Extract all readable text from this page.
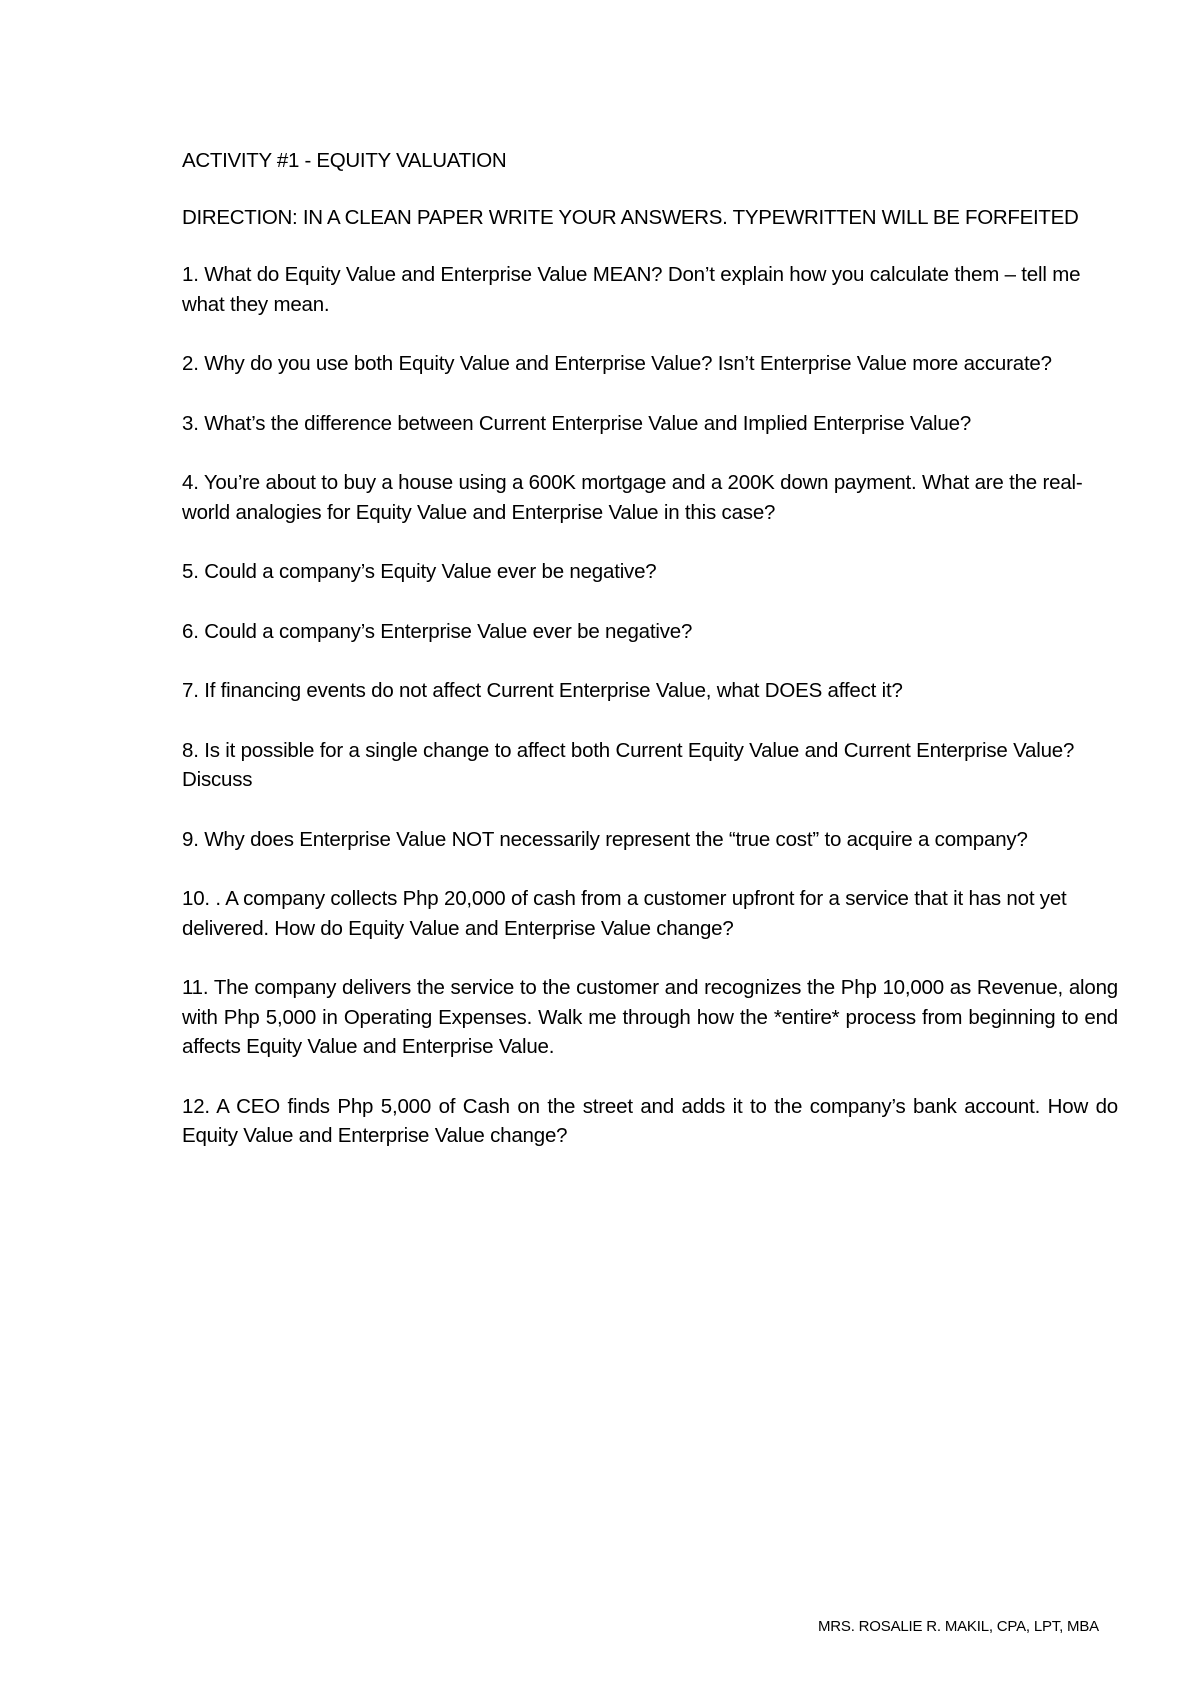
ACTIVITY #1 - EQUITY VALUATION

DIRECTION: IN A CLEAN PAPER WRITE YOUR ANSWERS. TYPEWRITTEN WILL BE FORFEITED

1. What do Equity Value and Enterprise Value MEAN? Don’t explain how you calculate them – tell me what they mean.

2. Why do you use both Equity Value and Enterprise Value? Isn’t Enterprise Value more accurate?

3. What’s the difference between Current Enterprise Value and Implied Enterprise Value?

4. You’re about to buy a house using a 600K mortgage and a 200K down payment. What are the real-world analogies for Equity Value and Enterprise Value in this case?

5. Could a company’s Equity Value ever be negative?

6. Could a company’s Enterprise Value ever be negative?

7. If financing events do not affect Current Enterprise Value, what DOES affect it?

8. Is it possible for a single change to affect both Current Equity Value and Current Enterprise Value? Discuss

9. Why does Enterprise Value NOT necessarily represent the “true cost” to acquire a company?

10. . A company collects Php 20,000 of cash from a customer upfront for a service that it has not yet delivered. How do Equity Value and Enterprise Value change?

11. The company delivers the service to the customer and recognizes the Php 10,000 as Revenue, along with Php 5,000 in Operating Expenses. Walk me through how the *entire* process from beginning to end affects Equity Value and Enterprise Value.

12. A CEO finds Php 5,000 of Cash on the street and adds it to the company’s bank account. How do Equity Value and Enterprise Value change?

MRS. ROSALIE R. MAKIL, CPA, LPT, MBA
